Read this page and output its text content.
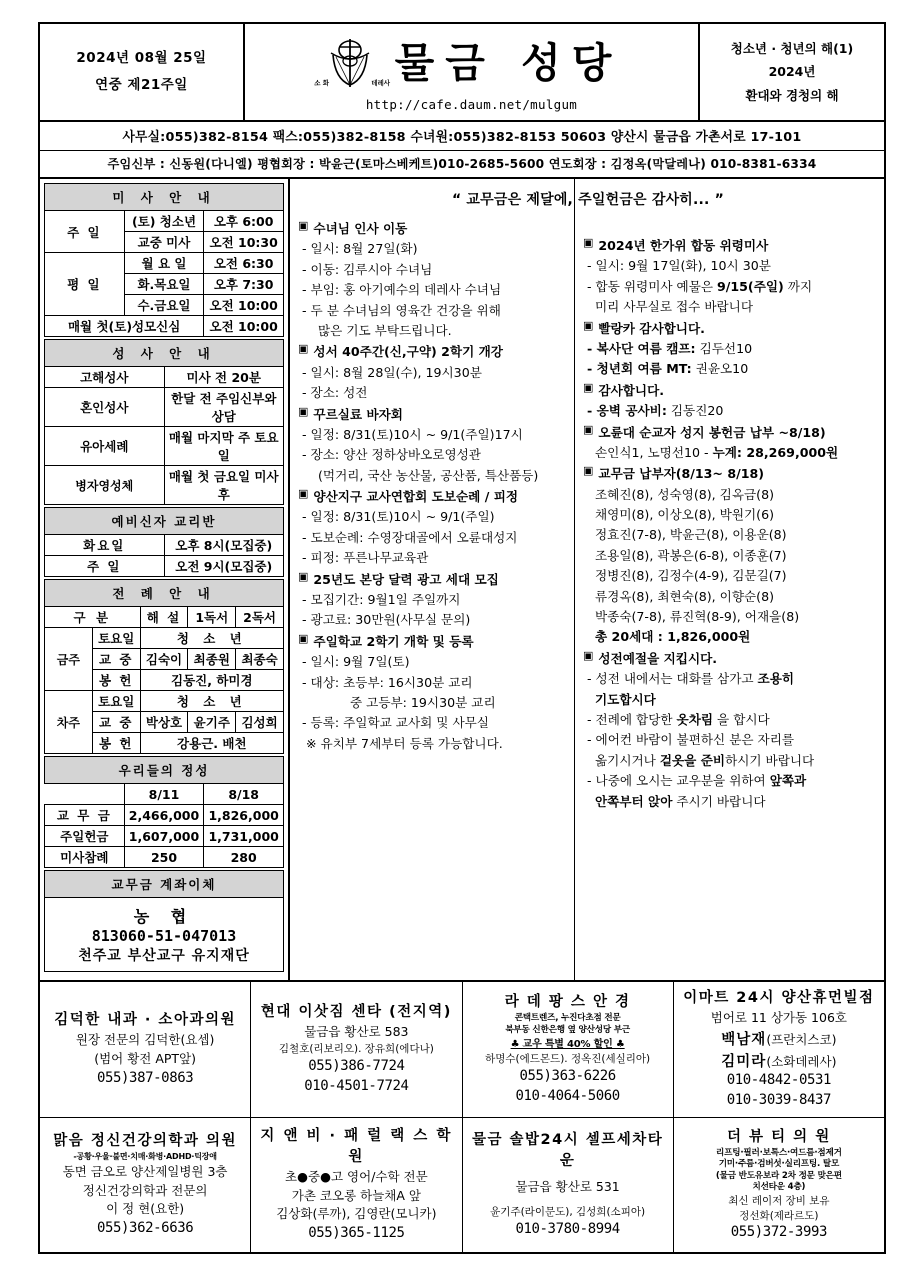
2024년 08월 25일
연중 제21주일	소 화	데레사 물금 성당
http://cafe.daum.net/mulgum
청소년 · 청년의 해(1)
2024년
환대와 경청의 해
사무실:055)382-8154 팩스:055)382-8158 수녀원:055)382-8153 50603 양산시 물금읍 가촌서로 17-101
주임신부 : 신동원(다니엘) 평협회장 : 박윤근(토마스베케트)010-2685-5600 연도회장 : 김정옥(막달레나) 010-8381-6334
미 사 안 내		
주 일	(토) 청소년	오후 6:00
	교중 미사	오전 10:30
평 일	월 요 일	오전 6:30
	화.목요일	오후 7:30
	수.금요일	오전 10:00
매월 첫(토)성모신심		오전 10:00
성 사 안 내	
고해성사	미사 전 20분
혼인성사	한달 전 주임신부와 상담
유아세례	매월 마지막 주 토요일
병자영성체	매월 첫 금요일 미사 후
예비신자 교리반	
화요일	오후 8시(모집중)
주 일	오전 9시(모집중)
전 례 안 내				
구 분		해 설	1독서	2독서
금주	토요일	청 소 년		
	교 중	김숙이	최종원	최종숙
	봉 헌	김동진, 하미경		
차주	토요일	청 소 년		
	교 중	박상호	윤기주	김성희
	봉 헌	강용근. 배천		
우리들의 정성		
	8/11	8/18
교 무 금	2,466,000	1,826,000
주일헌금	1,607,000	1,731,000
미사참례	250	280
교무금 계좌이체

농 협
813060-51-047013
천주교 부산교구 유지재단
“ 교무금은 제달에, 주일헌금은 감사히... ”
▣ 수녀님 인사 이동
- 일시: 8월 27일(화)
- 이동: 김루시아 수녀님
- 부임: 홍 아기예수의 데레사 수녀님
- 두 분 수녀님의 영육간 건강을 위해
많은 기도 부탁드립니다.
▣ 성서 40주간(신,구약) 2학기 개강
- 일시: 8월 28일(수), 19시30분
- 장소: 성전
▣ 꾸르실료 바자회
- 일정: 8/31(토)10시 ~ 9/1(주일)17시
- 장소: 양산 정하상바오로영성관
(먹거리, 국산 농산물, 공산품, 특산품등)
▣ 양산지구 교사연합회 도보순례 / 피정
- 일정: 8/31(토)10시 ~ 9/1(주일)
- 도보순례: 수영장대골에서 오륜대성지
- 피정: 푸른나무교육관
▣ 25년도 본당 달력 광고 세대 모집
- 모집기간: 9월1일 주일까지
- 광고료: 30만원(사무실 문의)
▣ 주일학교 2학기 개학 및 등록
- 일시: 9월 7일(토)
- 대상: 초등부: 16시30분 교리
중 고등부: 19시30분 교리
- 등록: 주일학교 교사회 및 사무실
※ 유치부 7세부터 등록 가능합니다.
▣ 2024년 한가위 합동 위령미사
- 일시: 9월 17일(화), 10시 30분
- 합동 위령미사 예물은 9/15(주일) 까지
미리 사무실로 접수 바랍니다
▣ 빨랑카 감사합니다.
- 복사단 여름 캠프: 김두선10
- 청년회 여름 MT: 권윤오10
▣ 감사합니다.
- 옹벽 공사비: 김동진20
▣ 오륜대 순교자 성지 봉헌금 납부 ~8/18)
손인식1, 노명선10 - 누계: 28,269,000원
▣ 교무금 납부자(8/13~ 8/18)
조혜진(8), 성숙영(8), 김옥금(8)
채영미(8), 이상오(8), 박원기(6)
정효진(7-8), 박윤근(8), 이용운(8)
조용일(8), 곽봉은(6-8), 이종훈(7)
정병진(8), 김정수(4-9), 김문길(7)
류경옥(8), 최현숙(8), 이향순(8)
박종숙(7-8), 류진혁(8-9), 어재을(8)
총 20세대 : 1,826,000원
▣ 성전예절을 지킵시다.
- 성전 내에서는 대화를 삼가고 조용히
기도합시다
- 전례에 합당한 옷차림 을 합시다
- 에어컨 바람이 불편하신 분은 자리를
옮기시거나 겉옷을 준비하시기 바랍니다
- 나중에 오시는 교우분을 위하여 앞쪽과
안쪽부터 앉아 주시기 바랍니다
김덕한 내과 · 소아과의원
원장 전문의 김덕한(요셉)
(범어 황전 APT앞)
055)387-0863
현대 이삿짐 센타 (전지역)
물금읍 황산로 583
김철호(리보리오). 장유희(에다나)
055)386-7724
010-4501-7724
라 데 팡 스 안 경
콘택트렌즈, 누진다초점 전문
북부동 신한은행 옆 양산성당 부근
♣ 교우 특별 40% 할인 ♣
하명수(에드몬드). 정옥진(세실리아)
055)363-6226
010-4064-5060
이마트 24시 양산휴먼빌점
범어로 11 상가동 106호
백남재(프란치스코)
김미라(소화데레사)
010-4842-0531
010-3039-8437
맑음 정신건강의학과 의원
-공황·우울·불면·치매·화병·ADHD·틱장애
동면 금오로 양산제일병원 3층
정신건강의학과 전문의
이 정 현(요한)
055)362-6636
지 앤 비 · 패 럴 랙 스 학 원
초●중●고 영어/수학 전문
가촌 코오롱 하늘채A 앞
김상화(루까), 김영란(모니카)
055)365-1125
물금 솔밥24시 셀프세차타운
물금읍 황산로 531
윤기주(라이문도), 김성희(소피아)
010-3780-8994
더 뷰 티 의 원
리프팅·필러·보톡스·여드름·점제거
기미·주름·검버섯·실리프팅. 탈모
(물금 반도유보라 2차 정문 맞은편
치선타운 4층)
최신 레이저 장비 보유
정선화(제라르도)
055)372-3993
